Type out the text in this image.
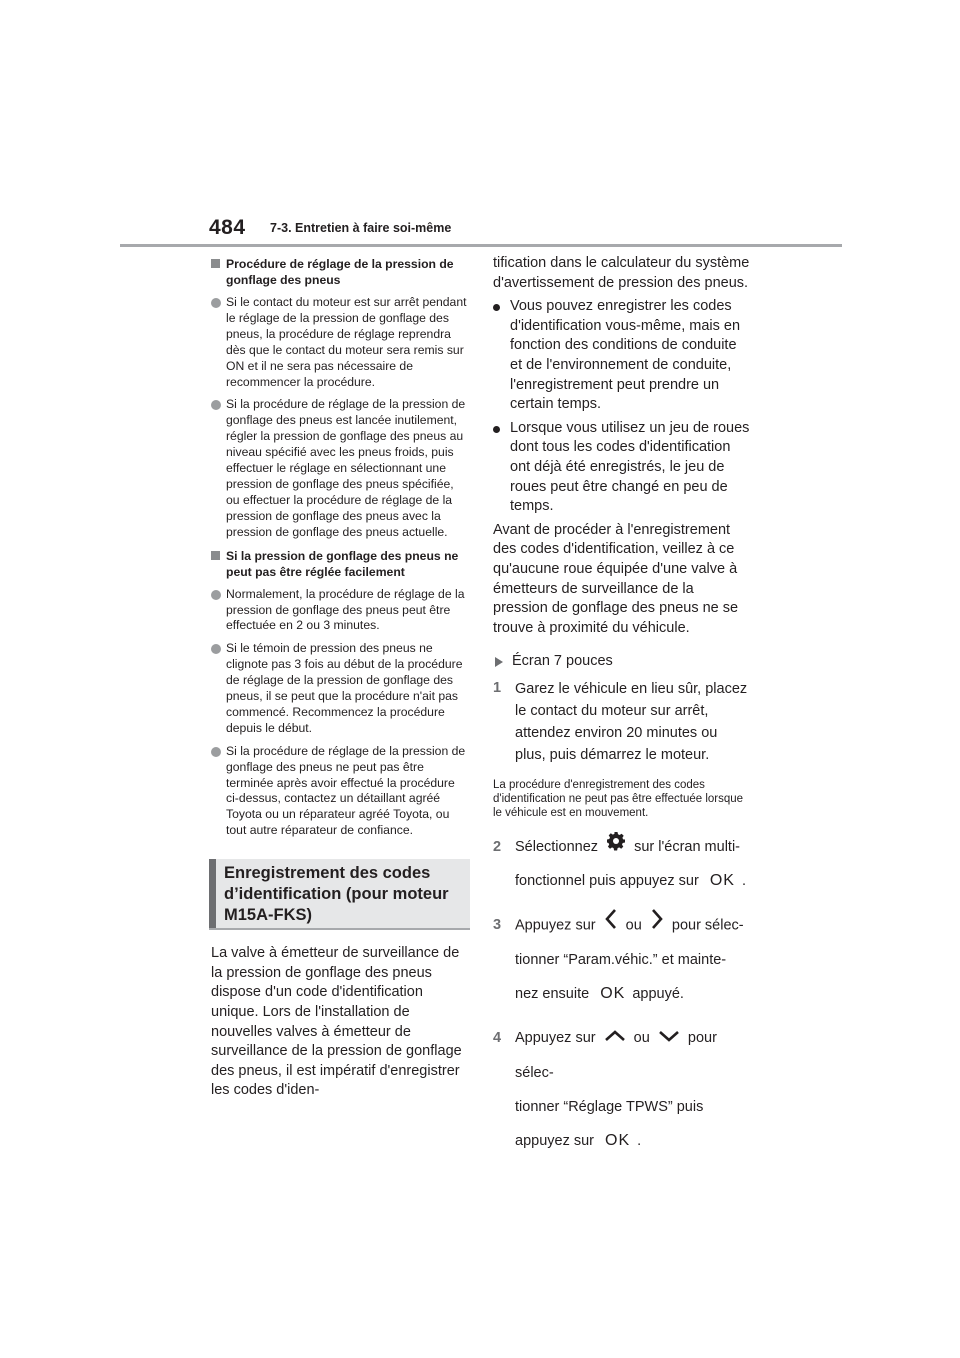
484 7-3. Entretien à faire soi-même
Procédure de réglage de la pression de gonflage des pneus
Si le contact du moteur est sur arrêt pendant le réglage de la pression de gonflage des pneus, la procédure de réglage reprendra dès que le contact du moteur sera remis sur ON et il ne sera pas nécessaire de recommencer la procédure.
Si la procédure de réglage de la pression de gonflage des pneus est lancée inutilement, régler la pression de gonflage des pneus au niveau spécifié avec les pneus froids, puis effectuer le réglage en sélectionnant une pression de gonflage des pneus spécifiée, ou effectuer la procédure de réglage de la pression de gonflage des pneus avec la pression de gonflage des pneus actuelle.
Si la pression de gonflage des pneus ne peut pas être réglée facilement
Normalement, la procédure de réglage de la pression de gonflage des pneus peut être effectuée en 2 ou 3 minutes.
Si le témoin de pression des pneus ne clignote pas 3 fois au début de la procédure de réglage de la pression de gonflage des pneus, il se peut que la procédure n'ait pas commencé. Recommencez la procédure depuis le début.
Si la procédure de réglage de la pression de gonflage des pneus ne peut pas être terminée après avoir effectué la procédure ci-dessus, contactez un détaillant agréé Toyota ou un réparateur agréé Toyota, ou tout autre réparateur de confiance.
Enregistrement des codes d’identification (pour moteur M15A-FKS)
La valve à émetteur de surveillance de la pression de gonflage des pneus dispose d'un code d'identification unique. Lors de l'installation de nouvelles valves à émetteur de surveillance de la pression de gonflage des pneus, il est impératif d'enregistrer les codes d'iden-
tification dans le calculateur du système d'avertissement de pression des pneus.
Vous pouvez enregistrer les codes d'identification vous-même, mais en fonction des conditions de conduite et de l'environnement de conduite, l'enregistrement peut prendre un certain temps.
Lorsque vous utilisez un jeu de roues dont tous les codes d'identification ont déjà été enregistrés, le jeu de roues peut être changé en peu de temps.
Avant de procéder à l'enregistrement des codes d'identification, veillez à ce qu'aucune roue équipée d'une valve à émetteurs de surveillance de la pression de gonflage des pneus ne se trouve à proximité du véhicule.
Écran 7 pouces
1 Garez le véhicule en lieu sûr, placez le contact du moteur sur arrêt, attendez environ 20 minutes ou plus, puis démarrez le moteur.
La procédure d'enregistrement des codes d'identification ne peut pas être effectuée lorsque le véhicule est en mouvement.
2 Sélectionnez sur l'écran multi-
fonctionnel puis appuyez sur OK .
3 Appuyez sur ou pour sélec-
tionner “Param.véhic.” et mainte-
nez ensuite OK appuyé.
4 Appuyez sur	ou	pour sélec-
tionner “Réglage TPWS” puis
appuyez sur OK .
